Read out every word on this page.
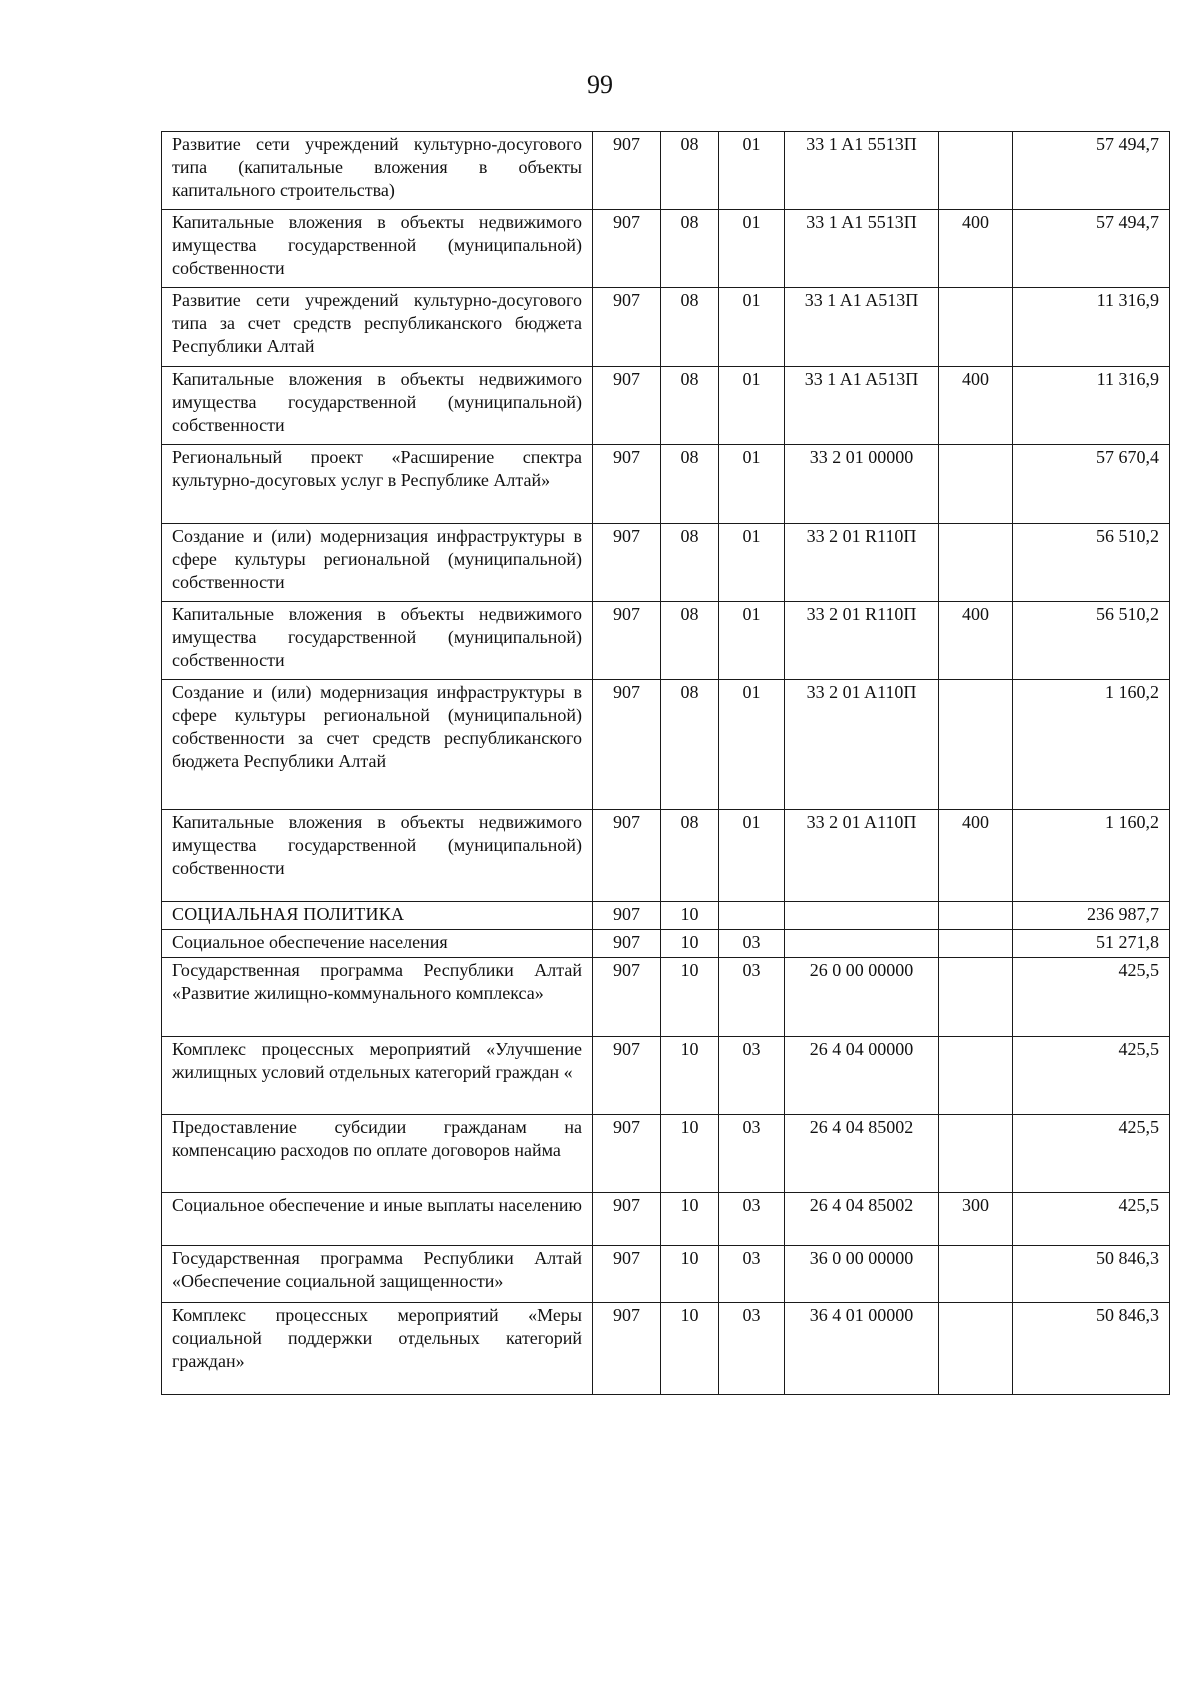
99
Развитие сети учреждений культурно-досугового типа (капитальные вложения в объекты капитального строительства)	907	08	01	33 1 A1 5513П		57 494,7
Капитальные вложения в объекты недвижимого имущества государственной (муниципальной) собственности	907	08	01	33 1 A1 5513П	400	57 494,7
Развитие сети учреждений культурно-досугового типа за счет средств республиканского бюджета Республики Алтай	907	08	01	33 1 A1 A513П		11 316,9
Капитальные вложения в объекты недвижимого имущества государственной (муниципальной) собственности	907	08	01	33 1 A1 A513П	400	11 316,9
Региональный проект «Расширение спектра культурно-досуговых услуг в Республике Алтай»	907	08	01	33 2 01 00000		57 670,4
Создание и (или) модернизация инфраструктуры в сфере культуры региональной (муниципальной) собственности	907	08	01	33 2 01 R110П		56 510,2
Капитальные вложения в объекты недвижимого имущества государственной (муниципальной) собственности	907	08	01	33 2 01 R110П	400	56 510,2
Создание и (или) модернизация инфраструктуры в сфере культуры региональной (муниципальной) собственности за счет средств республиканского бюджета Республики Алтай	907	08	01	33 2 01 A110П		1 160,2
Капитальные вложения в объекты недвижимого имущества государственной (муниципальной) собственности	907	08	01	33 2 01 A110П	400	1 160,2
СОЦИАЛЬНАЯ ПОЛИТИКА	907	10				236 987,7
Социальное обеспечение населения	907	10	03			51 271,8
Государственная программа Республики Алтай «Развитие жилищно-коммунального комплекса»	907	10	03	26 0 00 00000		425,5
Комплекс процессных мероприятий «Улучшение жилищных условий отдельных категорий граждан «	907	10	03	26 4 04 00000		425,5
Предоставление субсидии гражданам на компенсацию расходов по оплате договоров найма	907	10	03	26 4 04 85002		425,5
Социальное обеспечение и иные выплаты населению	907	10	03	26 4 04 85002	300	425,5
Государственная программа Республики Алтай «Обеспечение социальной защищенности»	907	10	03	36 0 00 00000		50 846,3
Комплекс процессных мероприятий «Меры социальной поддержки отдельных категорий граждан»	907	10	03	36 4 01 00000		50 846,3
